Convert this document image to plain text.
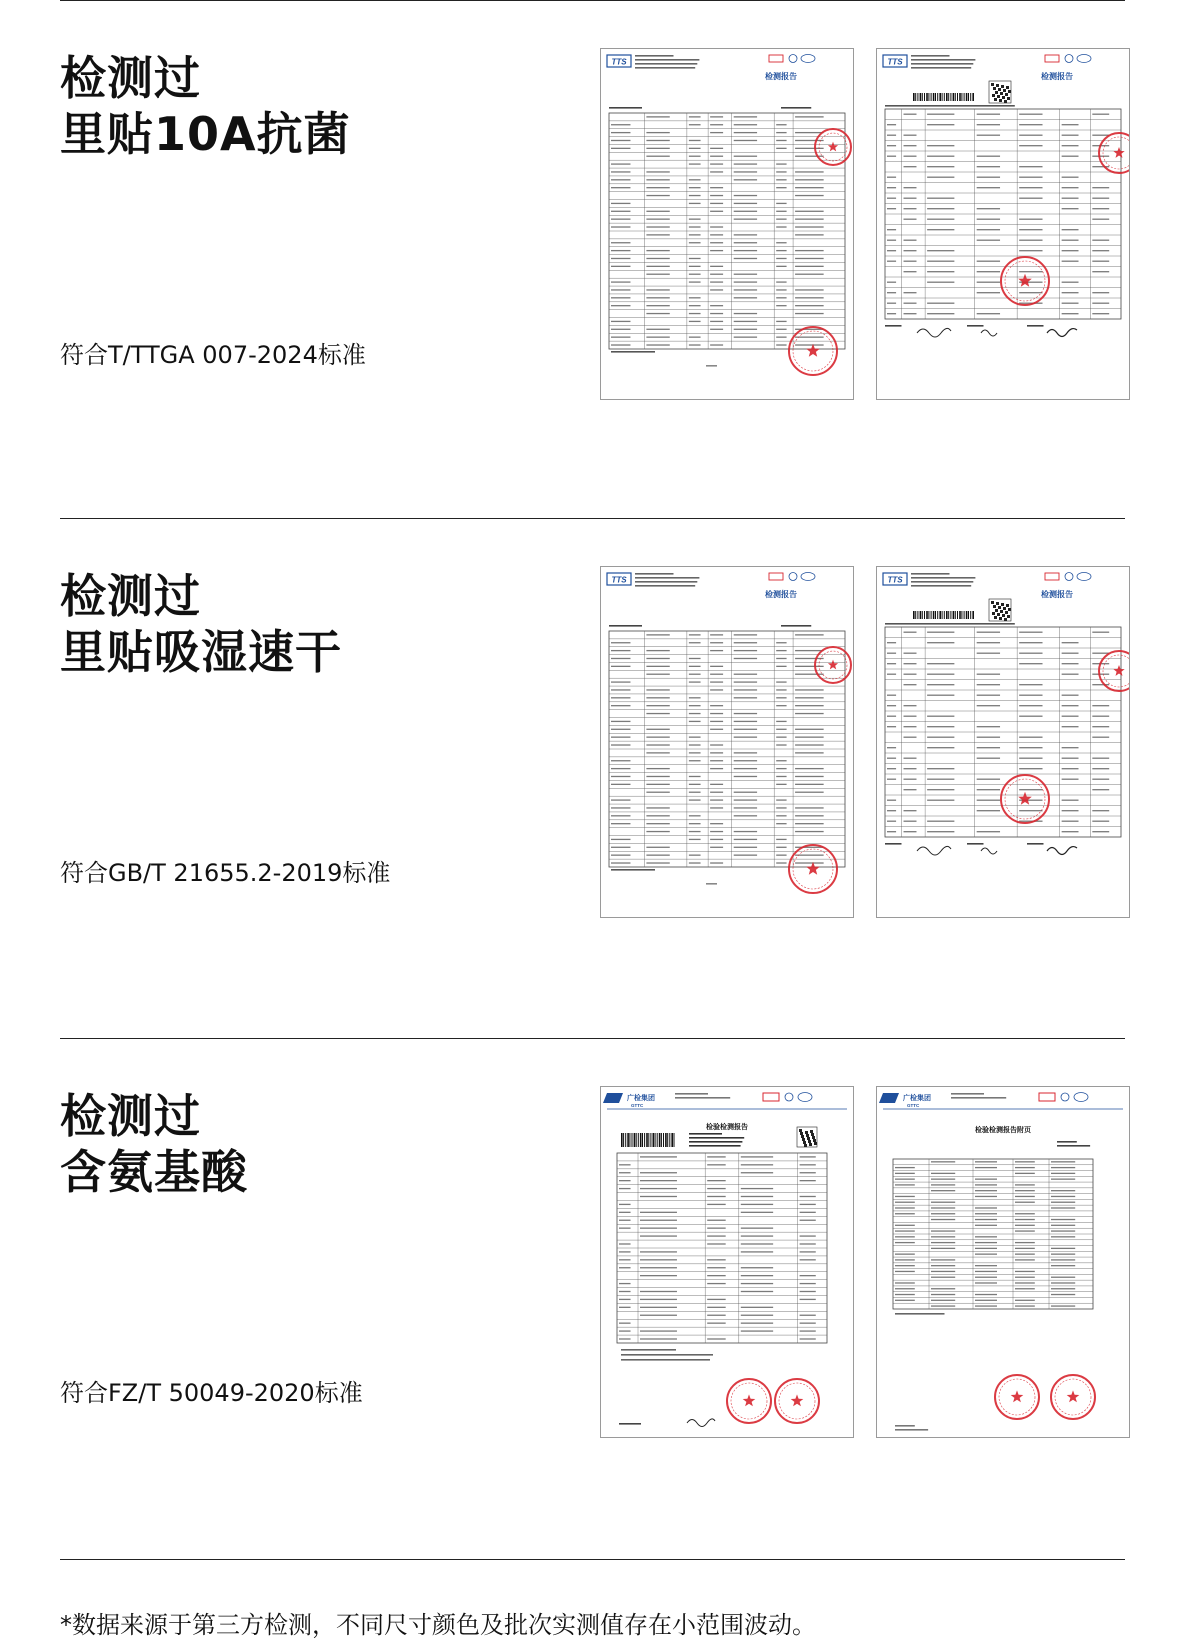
检测过
里贴10A抗菌
符合T/TTGA 007-2024标准
TTS
检测报告
TTS
检测报告
检测过
里贴吸湿速干
符合GB/T 21655.2-2019标准
TTS
检测报告
TTS
检测报告
检测过
含氨基酸
符合FZ/T 50049-2020标准
广检集团
GTTC
检验检测报告
广检集团
GTTC
检验检测报告附页
*数据来源于第三方检测，不同尺寸颜色及批次实测值存在小范围波动。
